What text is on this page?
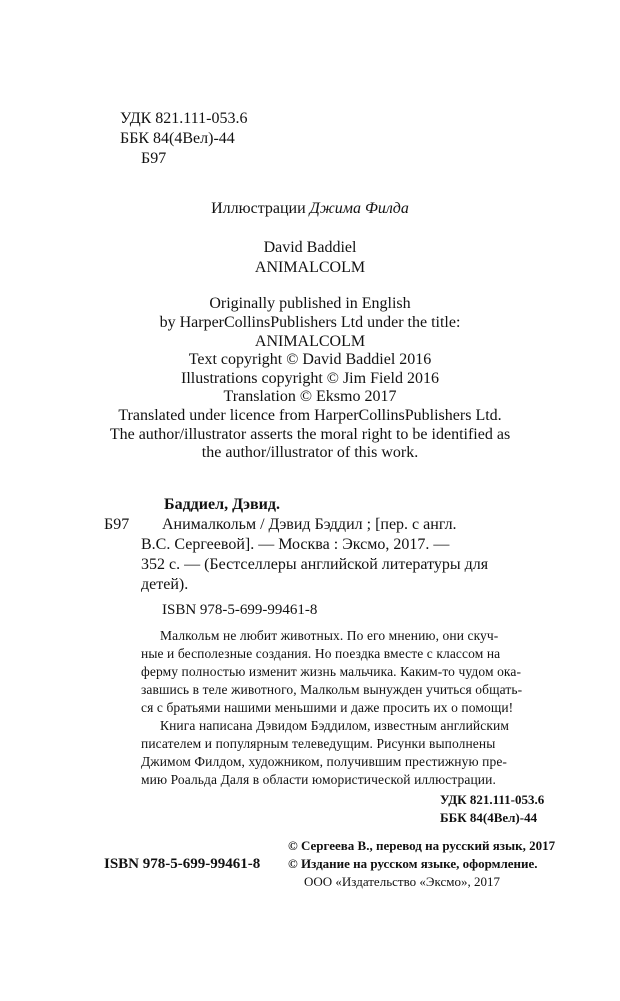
УДК 821.111-053.6
ББК 84(4Вел)-44
Б97
Иллюстрации Джима Филда
David Baddiel
ANIMALCOLM
Originally published in English
by HarperCollinsPublishers Ltd under the title:
ANIMALCOLM
Text copyright © David Baddiel 2016
Illustrations copyright © Jim Field 2016
Translation © Eksmo 2017
Translated under licence from HarperCollinsPublishers Ltd.
The author/illustrator asserts the moral right to be identified as
the author/illustrator of this work.
Баддиел, Дэвид.
Б97 Анималкольм / Дэвид Бэддил ; [пер. с англ.
В.С. Сергеевой]. — Москва : Эксмо, 2017. —
352 с. — (Бестселлеры английской литературы для
детей).
ISBN 978-5-699-99461-8
Малкольм не любит животных. По его мнению, они скуч-
ные и бесполезные создания. Но поездка вместе с классом на
ферму полностью изменит жизнь мальчика. Каким-то чудом ока-
завшись в теле животного, Малкольм вынужден учиться общать-
ся с братьями нашими меньшими и даже просить их о помощи!
Книга написана Дэвидом Бэддилом, известным английским
писателем и популярным телеведущим. Рисунки выполнены
Джимом Филдом, художником, получившим престижную пре-
мию Роальда Даля в области юмористической иллюстрации.
УДК 821.111-053.6
ББК 84(4Вел)-44
ISBN 978-5-699-99461-8
© Сергеева В., перевод на русский язык, 2017
© Издание на русском языке, оформление.
ООО «Издательство «Эксмо», 2017
